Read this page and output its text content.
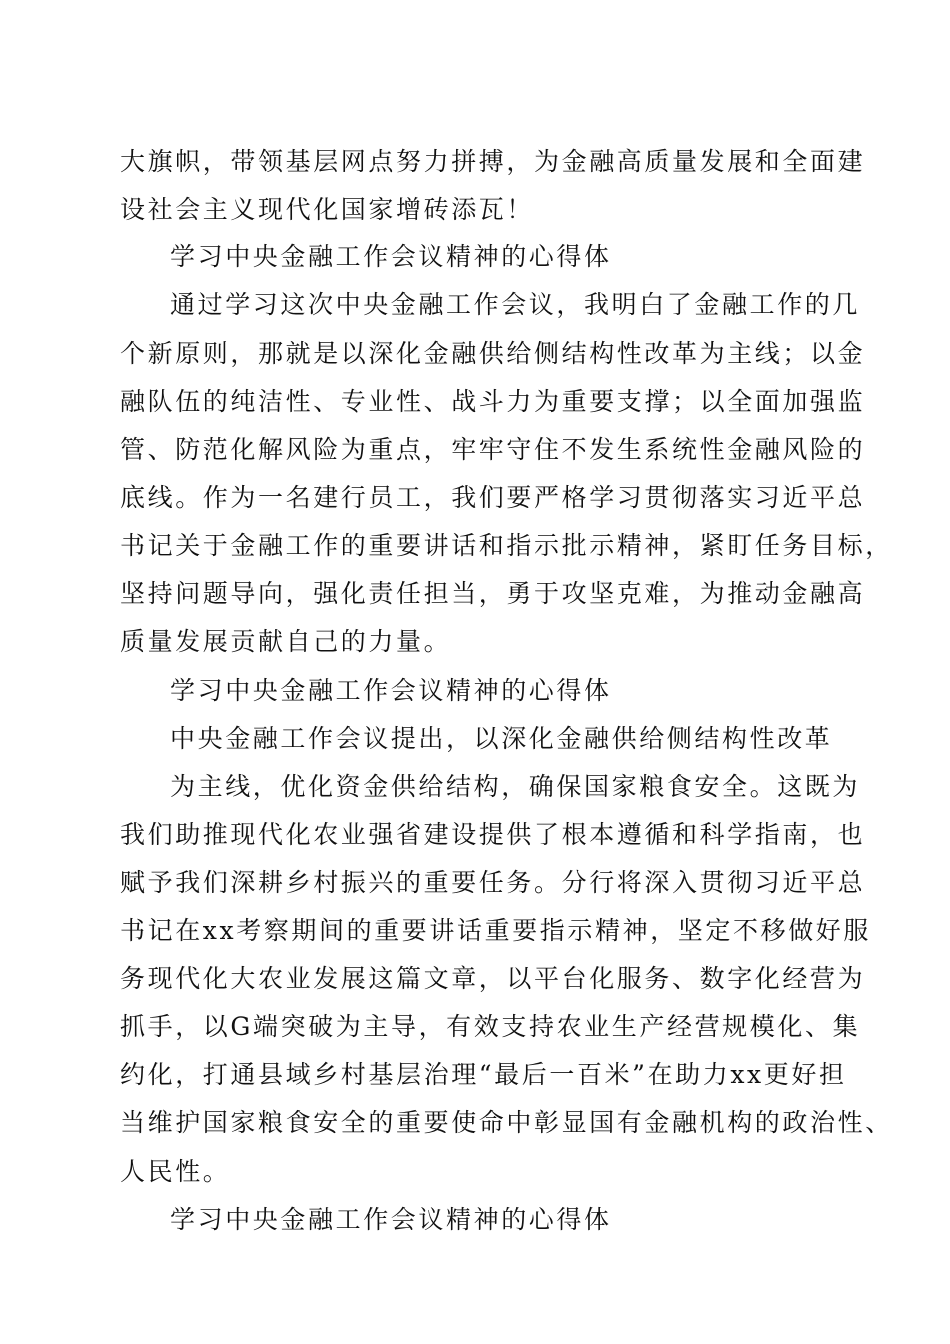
大旗帜，带领基层网点努力拼搏，为金融高质量发展和全面建
设社会主义现代化国家增砖添瓦！
学习中央金融工作会议精神的心得体
通过学习这次中央金融工作会议，我明白了金融工作的几
个新原则，那就是以深化金融供给侧结构性改革为主线；以金
融队伍的纯洁性、专业性、战斗力为重要支撑；以全面加强监
管、防范化解风险为重点，牢牢守住不发生系统性金融风险的
底线。作为一名建行员工，我们要严格学习贯彻落实习近平总
书记关于金融工作的重要讲话和指示批示精神，紧盯任务目标，
坚持问题导向，强化责任担当，勇于攻坚克难，为推动金融高
质量发展贡献自己的力量。
学习中央金融工作会议精神的心得体
中央金融工作会议提出，以深化金融供给侧结构性改革
为主线，优化资金供给结构，确保国家粮食安全。这既为
我们助推现代化农业强省建设提供了根本遵循和科学指南，也
赋予我们深耕乡村振兴的重要任务。分行将深入贯彻习近平总
书记在xx考察期间的重要讲话重要指示精神，坚定不移做好服
务现代化大农业发展这篇文章，以平台化服务、数字化经营为
抓手，以G端突破为主导，有效支持农业生产经营规模化、集
约化，打通县域乡村基层治理“最后一百米”在助力xx更好担
当维护国家粮食安全的重要使命中彰显国有金融机构的政治性、
人民性。
学习中央金融工作会议精神的心得体
